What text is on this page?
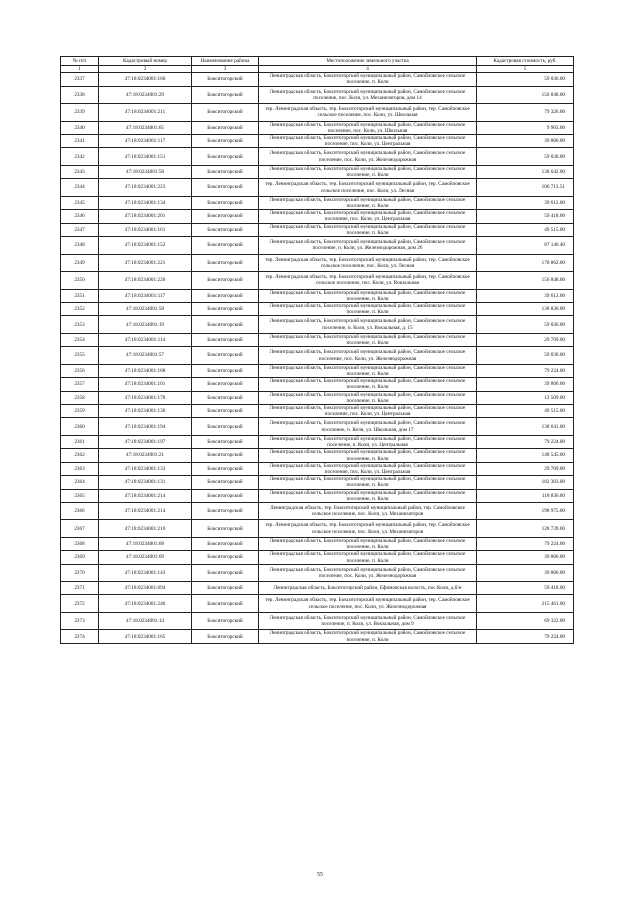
№ п/п	Кадастровый номер	Наименование района	Местоположение земельного участка	Кадастровая стоимость, руб.
1	2	3	4	5
2337	47:18:0234001:160	Бокситогорский	Ленинградская область, Бокситогорский муниципальный район, Самойловское сельское поселение, п. Коли	59 036.00
2338	47:18:0234001:29	Бокситогорский	Ленинградская область, Бокситогорский муниципальный район, Самойловское сельское поселение, пос. Коли, ул. Механизаторов, дом 14	156 848.00
2339	47:18:0234001:211	Бокситогорский	тер. Ленинградская область, тер. Бокситогорский муниципальный район, тер. Самойловское сельское поселение, пос. Коли, ул. Школьная	79 326.00
2340	47:18:0234001:65	Бокситогорский	Ленинградская область, Бокситогорский муниципальный район, Самойловское сельское поселение, пос. Коли, ул. Школьная	9 903.00
2341	47:18:0234001:117	Бокситогорский	Ленинградская область, Бокситогорский муниципальный район, Самойловское сельское поселение, пос. Коли, ул. Центральная	39 806.00
2342	47:18:0234001:151	Бокситогорский	Ленинградская область, Бокситогорский муниципальный район, Самойловское сельское поселение, пос. Коли, ул. Железнодорожная	59 030.00
2343	47:18:0234001:58	Бокситогорский	Ленинградская область, Бокситогорский муниципальный район, Самойловское сельское поселение, п. Коли	138 642.00
2344	47:18:0234001:223	Бокситогорский	тер. Ленинградская область, тер. Бокситогорский муниципальный район, тер. Самойловское сельское поселение, пос. Коли, ул. Лесная	100 713.51
2345	47:18:0234001:134	Бокситогорский	Ленинградская область, Бокситогорский муниципальный район, Самойловское сельское поселение, п. Коли	39 612.00
2346	47:18:0234001:201	Бокситогорский	Ленинградская область, Бокситогорский муниципальный район, Самойловское сельское поселение, пос. Коли, ул. Центральная	59 418.00
2347	47:18:0234001:161	Бокситогорский	Ленинградская область, Бокситогорский муниципальный район, Самойловское сельское поселение, п. Коли	49 515.00
2348	47:18:0234001:152	Бокситогорский	Ленинградская область, Бокситогорский муниципальный район, Самойловское сельское поселение, п. Коли, ул. Железнодорожная, дом 26	87 146.40
2349	47:18:0234001:221	Бокситогорский	тер. Ленинградская область, тер. Бокситогорский муниципальный район, тер. Самойловское сельское поселение, пос. Коли, ул. Лесная	178 862.00
2350	47:18:0234001:220	Бокситогорский	тер. Ленинградская область, тер. Бокситогорский муниципальный район, тер. Самойловское сельское поселение, пос. Коли, ул. Вокзальная	156 848.00
2351	47:18:0234001:117	Бокситогорский	Ленинградская область, Бокситогорский муниципальный район, Самойловское сельское поселение, п. Коли	39 612.00
2352	47:18:0234001:58	Бокситогорский	Ленинградская область, Бокситогорский муниципальный район, Самойловское сельское поселение, п. Коли	138 836.00
2353	47:18:0234001:19	Бокситогорский	Ленинградская область, Бокситогорский муниципальный район, Самойловское сельское поселение, п. Коли, ул. Вокзальная, д. 15	59 036.00
2354	47:18:0234001:114	Бокситогорский	Ленинградская область, Бокситогорский муниципальный район, Самойловское сельское поселение, п. Коли	29 709.00
2355	47:18:0234001:57	Бокситогорский	Ленинградская область, Бокситогорский муниципальный район, Самойловское сельское поселение, пос. Коли, ул. Железнодорожная	59 030.00
2356	47:18:0234001:168	Бокситогорский	Ленинградская область, Бокситогорский муниципальный район, Самойловское сельское поселение, п. Коли	79 224.00
2357	47:18:0234001:101	Бокситогорский	Ленинградская область, Бокситогорский муниципальный район, Самойловское сельское поселение, п. Коли	39 806.00
2358	47:18:0234001:178	Бокситогорский	Ленинградская область, Бокситогорский муниципальный район, Самойловское сельское поселение, п. Коли	12 509.00
2359	47:18:0234001:136	Бокситогорский	Ленинградская область, Бокситогорский муниципальный район, Самойловское сельское поселение, пос. Коли, ул. Центральная	49 515.00
2360	47:18:0234001:194	Бокситогорский	Ленинградская область, Бокситогорский муниципальный район, Самойловское сельское поселение, п. Коли, ул. Школьная, дом 17	138 641.00
2361	47:18:0234001:197	Бокситогорский	Ленинградская область, Бокситогорский муниципальный район, Самойловское сельское поселение, п. Коли, ул. Центральная	79 224.00
2362	47:18:0234001:21	Бокситогорский	Ленинградская область, Бокситогорский муниципальный район, Самойловское сельское поселение, п. Коли	148 545.00
2363	47:18:0234001:133	Бокситогорский	Ленинградская область, Бокситогорский муниципальный район, Самойловское сельское поселение, пос. Коли, ул. Центральная	29 709.00
2364	47:18:0234001:131	Бокситогорский	Ленинградская область, Бокситогорский муниципальный район, Самойловское сельское поселение, п. Коли	182 303.00
2365	47:18:0234001:214	Бокситогорский	Ленинградская область, Бокситогорский муниципальный район, Самойловское сельское поселение, п. Коли	118 836.00
2366	47:18:0234001:214	Бокситогорский	Ленинградская область, тер. Бокситогорский муниципальный район, тер. Самойловское сельское поселение, пос. Коли, ул. Механизаторов	198 975.00
2367	47:18:0234001:216	Бокситогорский	тер. Ленинградская область, тер. Бокситогорский муниципальный район, тер. Самойловское сельское поселение, пос. Коли, ул. Механизаторов	128 739.00
2368	47:18:0234001:68	Бокситогорский	Ленинградская область, Бокситогорский муниципальный район, Самойловское сельское поселение, п. Коли	79 224.00
2369	47:18:0234001:69	Бокситогорский	Ленинградская область, Бокситогорский муниципальный район, Самойловское сельское поселение, п. Коли	39 806.00
2370	47:18:0234001:143	Бокситогорский	Ленинградская область, Бокситогорский муниципальный район, Самойловское сельское поселение, пос. Коли, ул. Железнодорожная	39 806.00
2371	47:18:0234001:694	Бокситогорский	Ленинградская область, Бокситогорский район, Ефимовская волость, пос.Коли, д.б/н	59 418.00
2372	47:18:0234001:246	Бокситогорский	тер. Ленинградская область, тер. Бокситогорский муниципальный район, тер. Самойловское сельское поселение, пос. Коли, ул. Железнодорожная	215 461.00
2373	47:18:0234001:14	Бокситогорский	Ленинградская область, Бокситогорский муниципальный район, Самойловское сельское поселение, п. Коли, ул. Вокзальная, дом 9	69 322.00
2374	47:18:0234001:165	Бокситогорский	Ленинградская область, Бокситогорский муниципальный район, Самойловское сельское поселение, п. Коли	79 224.00
55
